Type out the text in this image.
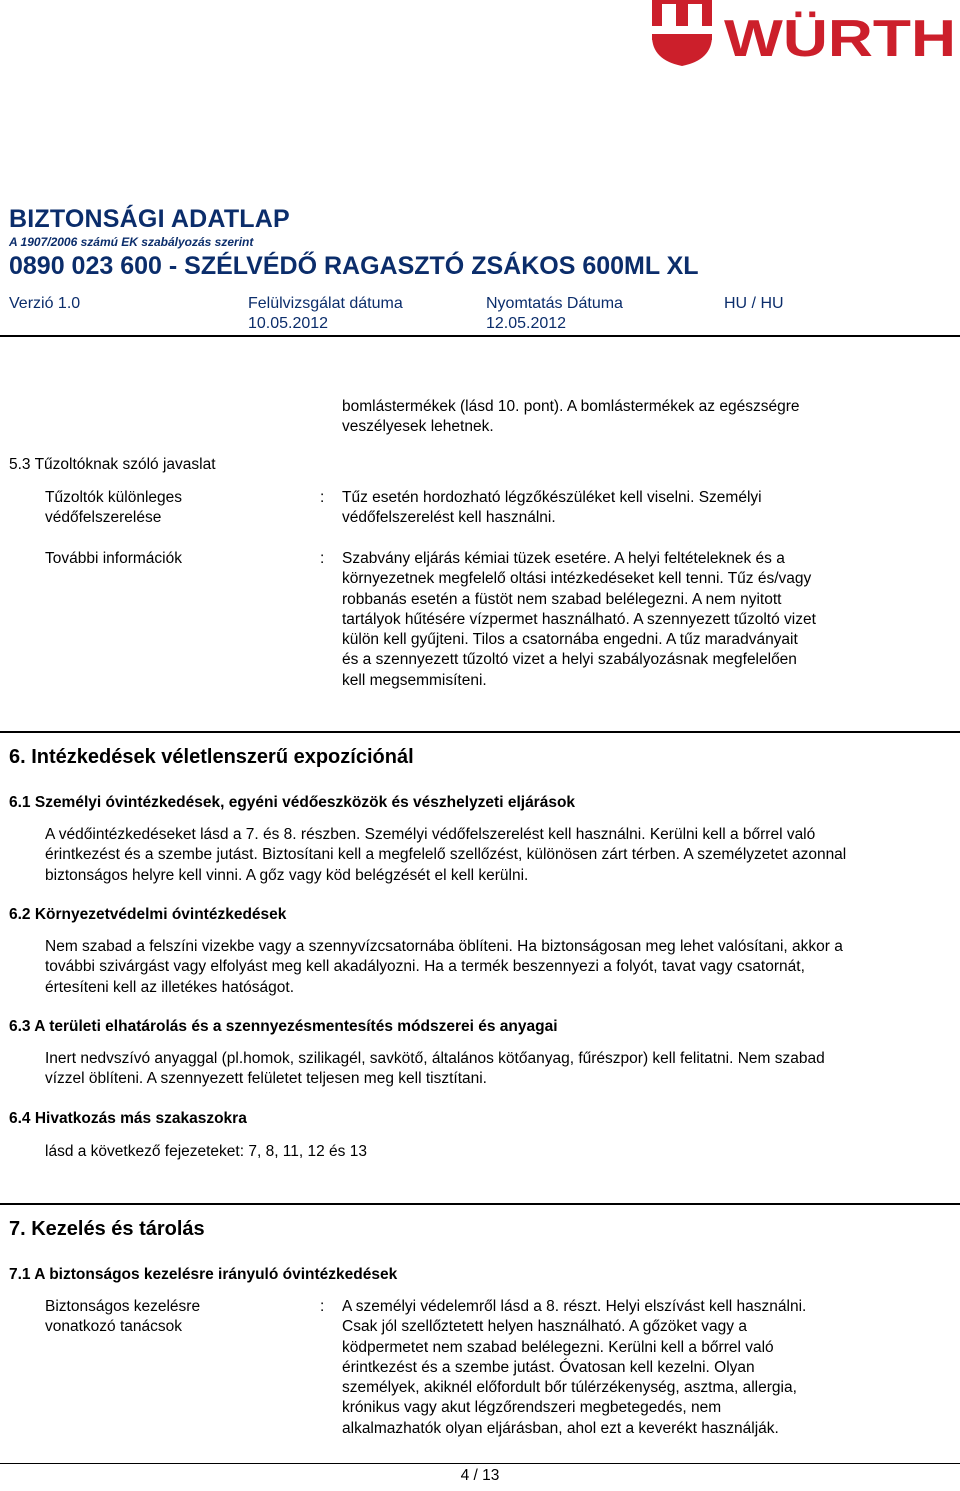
WÜRTH
BIZTONSÁGI ADATLAP
A 1907/2006 számú EK szabályozás szerint
0890 023 600 - SZÉLVÉDŐ RAGASZTÓ ZSÁKOS 600ML XL
Verzió 1.0	Felülvizsgálat dátuma
10.05.2012
Nyomtatás Dátuma
12.05.2012
HU / HU
bomlástermékek (lásd 10. pont). A bomlástermékek az egészségre
veszélyesek lehetnek.
5.3 Tűzoltóknak szóló javaslat
Tűzoltók különleges
védőfelszerelése
: Tűz esetén hordozható légzőkészüléket kell viselni. Személyi
védőfelszerelést kell használni.
További információk	: Szabvány eljárás kémiai tüzek esetére. A helyi feltételeknek és a
környezetnek megfelelő oltási intézkedéseket kell tenni. Tűz és/vagy
robbanás esetén a füstöt nem szabad belélegezni. A nem nyitott
tartályok hűtésére vízpermet használható. A szennyezett tűzoltó vizet
külön kell gyűjteni. Tilos a csatornába engedni. A tűz maradványait
és a szennyezett tűzoltó vizet a helyi szabályozásnak megfelelően
kell megsemmisíteni.
6. Intézkedések véletlenszerű expozíciónál
6.1 Személyi óvintézkedések, egyéni védőeszközök és vészhelyzeti eljárások
A védőintézkedéseket lásd a 7. és 8. részben. Személyi védőfelszerelést kell használni. Kerülni kell a bőrrel való
érintkezést és a szembe jutást. Biztosítani kell a megfelelő szellőzést, különösen zárt térben. A személyzetet azonnal
biztonságos helyre kell vinni. A gőz vagy köd belégzését el kell kerülni.
6.2 Környezetvédelmi óvintézkedések
Nem szabad a felszíni vizekbe vagy a szennyvízcsatornába öblíteni. Ha biztonságosan meg lehet valósítani, akkor a
további szivárgást vagy elfolyást meg kell akadályozni. Ha a termék beszennyezi a folyót, tavat vagy csatornát,
értesíteni kell az illetékes hatóságot.
6.3 A területi elhatárolás és a szennyezésmentesítés módszerei és anyagai
Inert nedvszívó anyaggal (pl.homok, szilikagél, savkötő, általános kötőanyag, fűrészpor) kell felitatni. Nem szabad
vízzel öblíteni. A szennyezett felületet teljesen meg kell tisztítani.
6.4 Hivatkozás más szakaszokra
lásd a következő fejezeteket: 7, 8, 11, 12 és 13
7. Kezelés és tárolás
7.1 A biztonságos kezelésre irányuló óvintézkedések
Biztonságos kezelésre
vonatkozó tanácsok
: A személyi védelemről lásd a 8. részt. Helyi elszívást kell használni.
Csak jól szellőztetett helyen használható. A gőzöket vagy a
ködpermetet nem szabad belélegezni. Kerülni kell a bőrrel való
érintkezést és a szembe jutást. Óvatosan kell kezelni. Olyan
személyek, akiknél előfordult bőr túlérzékenység, asztma, allergia,
krónikus vagy akut légzőrendszeri megbetegedés, nem
alkalmazhatók olyan eljárásban, ahol ezt a keverékt használják.
4 / 13
